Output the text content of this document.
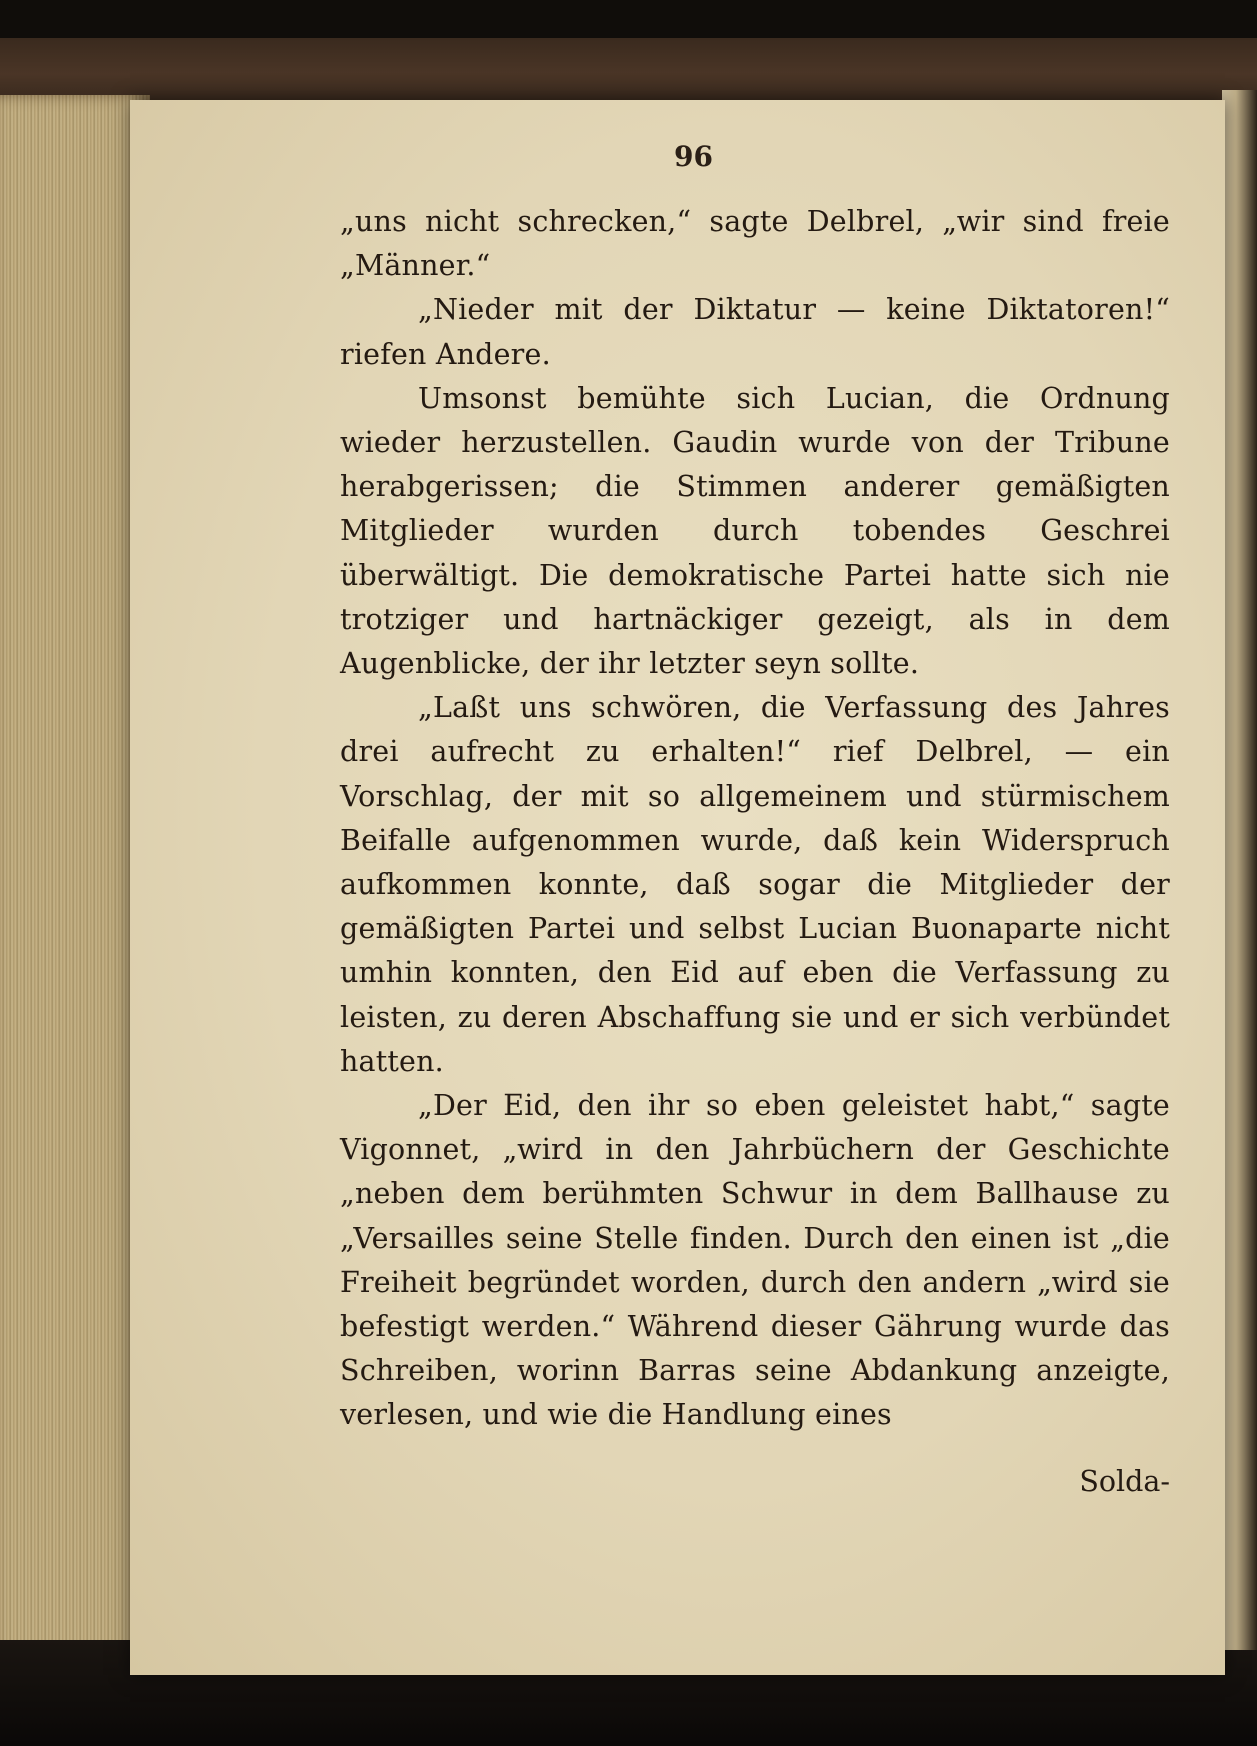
96

„uns nicht schrecken,“ sagte Delbrel, „wir sind freie „Männer.“

„Nieder mit der Diktatur — keine Diktatoren!“ riefen Andere.

Umsonst bemühte sich Lucian, die Ordnung wieder herzustellen. Gaudin wurde von der Tribune herabgerissen; die Stimmen anderer gemäßigten Mitglieder wurden durch tobendes Geschrei überwältigt. Die demokratische Partei hatte sich nie trotziger und hartnäckiger gezeigt, als in dem Augenblicke, der ihr letzter seyn sollte.

„Laßt uns schwören, die Verfassung des Jahres drei aufrecht zu erhalten!“ rief Delbrel, — ein Vorschlag, der mit so allgemeinem und stürmischem Beifalle aufgenommen wurde, daß kein Widerspruch aufkommen konnte, daß sogar die Mitglieder der gemäßigten Partei und selbst Lucian Buonaparte nicht umhin konnten, den Eid auf eben die Verfassung zu leisten, zu deren Abschaffung sie und er sich verbündet hatten.

„Der Eid, den ihr so eben geleistet habt,“ sagte Vigonnet, „wird in den Jahrbüchern der Geschichte „neben dem berühmten Schwur in dem Ballhause zu „Versailles seine Stelle finden. Durch den einen ist „die Freiheit begründet worden, durch den andern „wird sie befestigt werden.“ Während dieser Gährung wurde das Schreiben, worinn Barras seine Abdankung anzeigte, verlesen, und wie die Handlung eines

Solda-
